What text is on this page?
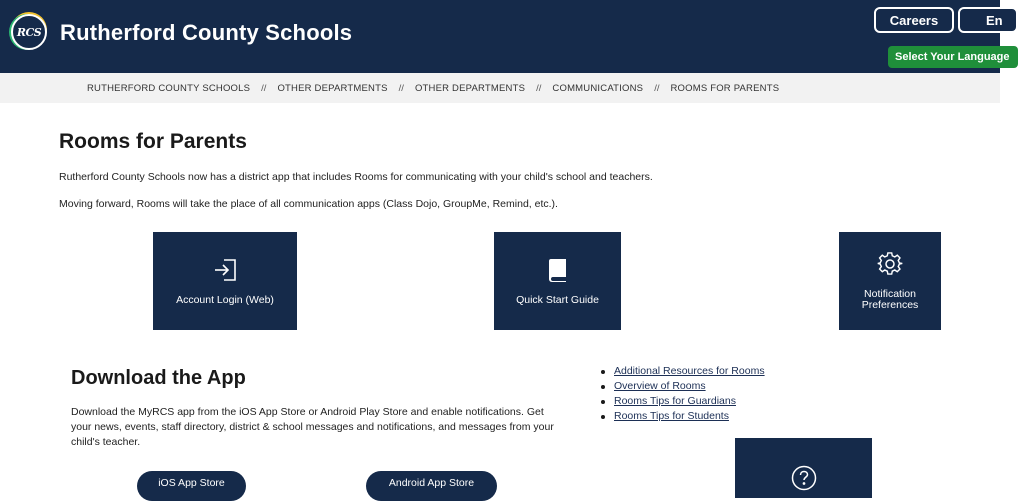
RCS Rutherford County Schools	Careers	En
Select Your Language
RUTHERFORD COUNTY SCHOOLS // OTHER DEPARTMENTS // OTHER DEPARTMENTS // COMMUNICATIONS // ROOMS FOR PARENTS
Rooms for Parents

Rutherford County Schools now has a district app that includes Rooms for communicating with your child's school and teachers.

Moving forward, Rooms will take the place of all communication apps (Class Dojo, GroupMe, Remind, etc.).

Account Login (Web)	Quick Start Guide	Notification
Preferences
Download the App

Download the MyRCS app from the iOS App Store or Android Play Store and enable notifications. Get your news, events, staff directory, district & school messages and notifications, and messages from your child's teacher.

iOS App Store	Android App Store
Additional Resources for Rooms
Overview of Rooms
Rooms Tips for Guardians
Rooms Tips for Students
